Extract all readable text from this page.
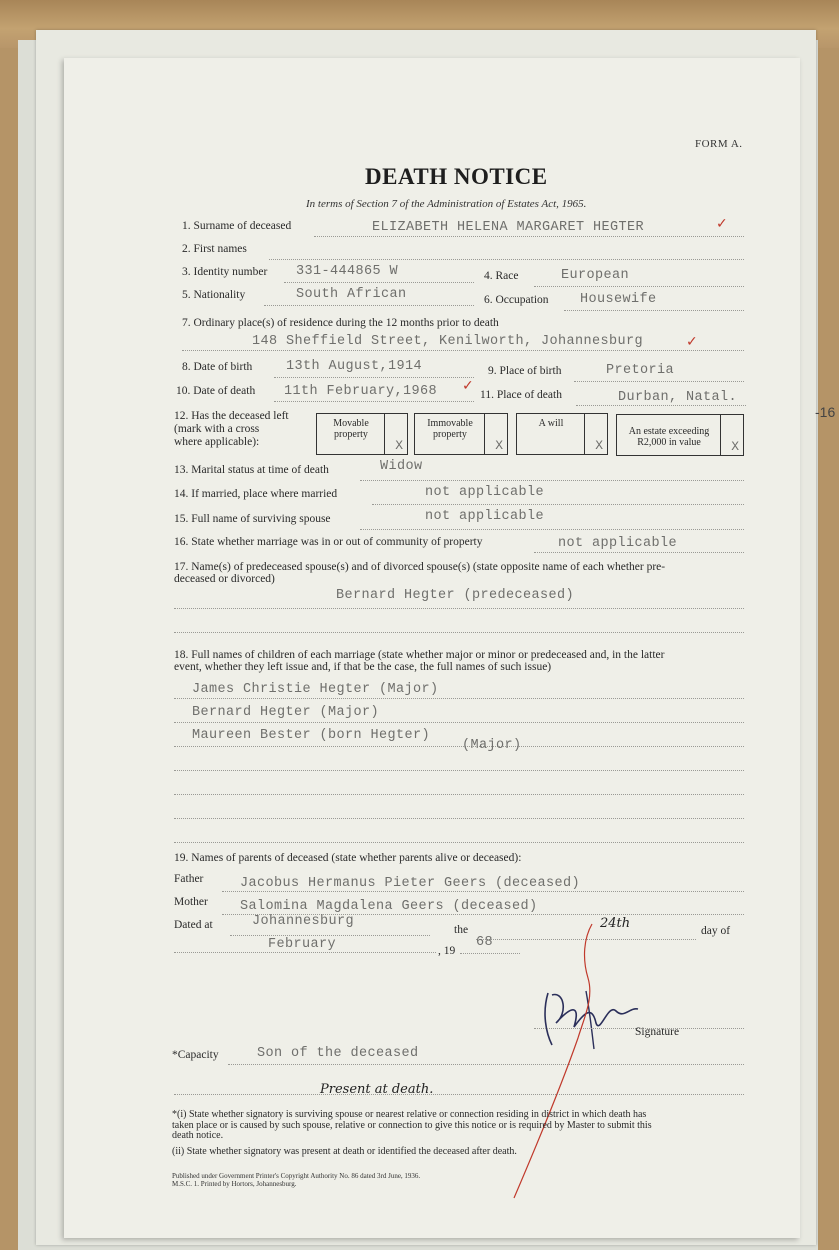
-16
FORM A.
DEATH NOTICE
In terms of Section 7 of the Administration of Estates Act, 1965.
1. Surname of deceased	ELIZABETH HELENA MARGARET HEGTER	✓
2. First names
3. Identity number 331-444865 W	4. Race	European
5. Nationality	South African	6. Occupation Housewife
7. Ordinary place(s) of residence during the 12 months prior to death
148 Sheffield Street, Kenilworth, Johannesburg	✓
8. Date of birth 13th August,1914	9. Place of birth	Pretoria
10. Date of death 11th February,1968 ✓
11. Place of death	Durban, Natal.
12. Has the deceased left
(mark with a cross
where applicable):
Movable
property
X
Immovable
property
X
A will
X
An estate exceeding
R2,000 in value	X
13. Marital status at time of death	Widow
14. If married, place where married	not applicable
15. Full name of surviving spouse	not applicable
16. State whether marriage was in or out of community of property	not applicable
17. Name(s) of predeceased spouse(s) and of divorced spouse(s) (state opposite name of each whether pre-
deceased or divorced)
Bernard Hegter (predeceased)
18. Full names of children of each marriage (state whether major or minor or predeceased and, in the latter
event, whether they left issue and, if that be the case, the full names of such issue)
James Christie Hegter (Major)
Bernard Hegter (Major)
Maureen Bester (born Hegter)
(Major)
19. Names of parents of deceased (state whether parents alive or deceased):
Father	Jacobus Hermanus Pieter Geers (deceased)
Mother Salomina Magdalena Geers (deceased)
Dated at	Johannesburg
the	24th	day of
February	, 19
68
Signature
*Capacity	Son of the deceased
Present at death.
*(i) State whether signatory is surviving spouse or nearest relative or connection residing in district in which death has
taken place or is caused by such spouse, relative or connection to give this notice or is required by Master to submit this
death notice.
(ii) State whether signatory was present at death or identified the deceased after death.
Published under Government Printer's Copyright Authority No. 86 dated 3rd June, 1936.
M.S.C. 1. Printed by Hortors, Johannesburg.
